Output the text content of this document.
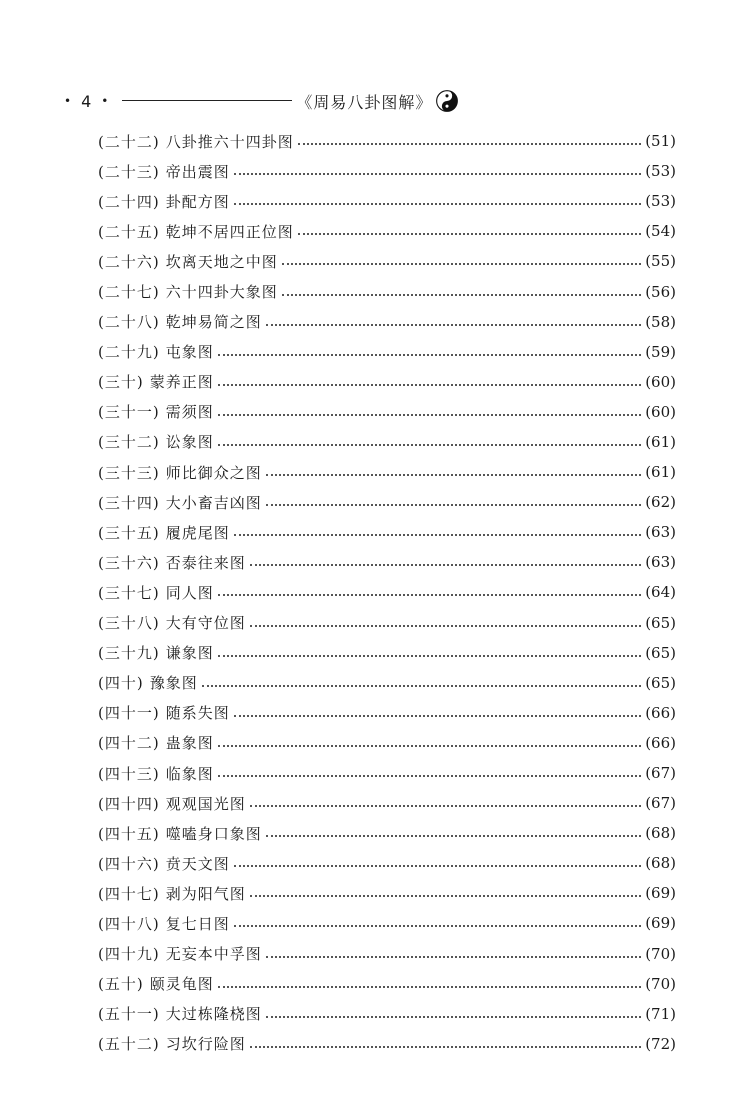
• 4 •	《周易八卦图解》
(二十二) 八卦推六十四卦图	(51)
(二十三) 帝出震图	(53)
(二十四) 卦配方图	(53)
(二十五) 乾坤不居四正位图	(54)
(二十六) 坎离天地之中图	(55)
(二十七) 六十四卦大象图	(56)
(二十八) 乾坤易简之图	(58)
(二十九) 屯象图	(59)
(三十) 蒙养正图	(60)
(三十一) 需须图	(60)
(三十二) 讼象图	(61)
(三十三) 师比御众之图	(61)
(三十四) 大小畜吉凶图	(62)
(三十五) 履虎尾图	(63)
(三十六) 否泰往来图	(63)
(三十七) 同人图	(64)
(三十八) 大有守位图	(65)
(三十九) 谦象图	(65)
(四十) 豫象图	(65)
(四十一) 随系失图	(66)
(四十二) 蛊象图	(66)
(四十三) 临象图	(67)
(四十四) 观观国光图	(67)
(四十五) 噬嗑身口象图	(68)
(四十六) 贲天文图	(68)
(四十七) 剥为阳气图	(69)
(四十八) 复七日图	(69)
(四十九) 无妄本中孚图	(70)
(五十) 颐灵龟图	(70)
(五十一) 大过栋隆桡图	(71)
(五十二) 习坎行险图	(72)
